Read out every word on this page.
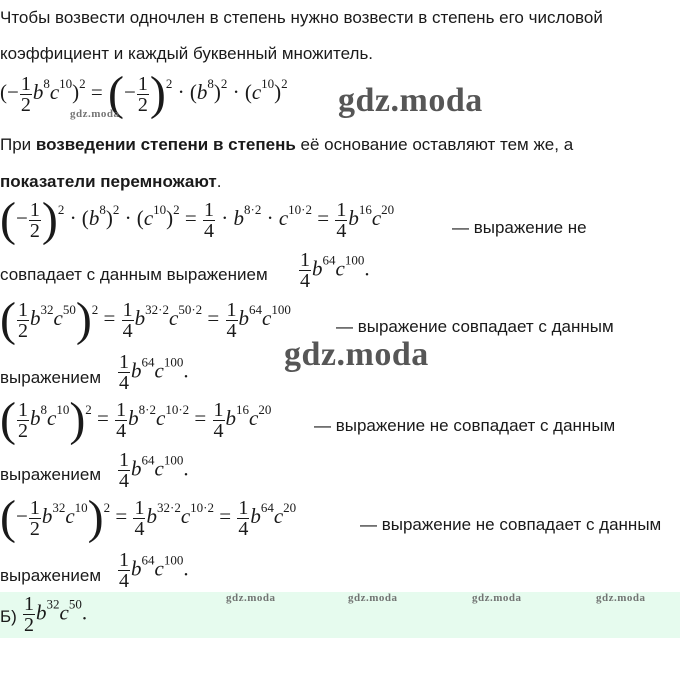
Чтобы возвести одночлен в степень нужно возвести в степень его числовой
коэффициент и каждый буквенный множитель.
(− $\frac{1}{2} b^8c^{10})^2$ = (− $\frac{1}{2} )^2 \cdot (b^8)^2 \cdot (c^{10})^2$ gdz.moda
gdz.moda
При возведении степени в степень её основание оставляют тем же, а
показатели перемножают.
(− $\frac{1}{2} )^2 \cdot (b^8)^2 \cdot (c^{10})^2 = \frac{1}{4} \cdot b^{8\cdot 2} \cdot c^{10\cdot 2} = \frac{1}{4} b^{16}c^{20}$
— выражение не
совпадает с данным выражением $\frac{1}{4} b^{64}c^{100}$.
( $\frac{1}{2} b^{32}c^{50})^2 = \frac{1}{4} b^{32\cdot 2}c^{50\cdot 2} = \frac{1}{4} b^{64}c^{100}$
— выражение совпадает с данным
gdz.moda
выражением $\frac{1}{4} b^{64}c^{100}$.
( $\frac{1}{2} b^8c^{10})^2 = \frac{1}{4} b^{8\cdot 2}c^{10\cdot 2} = \frac{1}{4} b^{16}c^{20}$
— выражение не совпадает с данным
выражением $\frac{1}{4} b^{64}c^{100}$.
(− $\frac{1}{2} b^{32}c^{10})^2 = \frac{1}{4} b^{32\cdot 2}c^{10\cdot 2} = \frac{1}{4} b^{64}c^{20}$
— выражение не совпадает с данным
выражением $\frac{1}{4} b^{64}c^{100}$.
gdz.moda	gdz.moda	gdz.moda	gdz.moda
$Б) \frac{1}{2} b^{32}c^{50}$.
